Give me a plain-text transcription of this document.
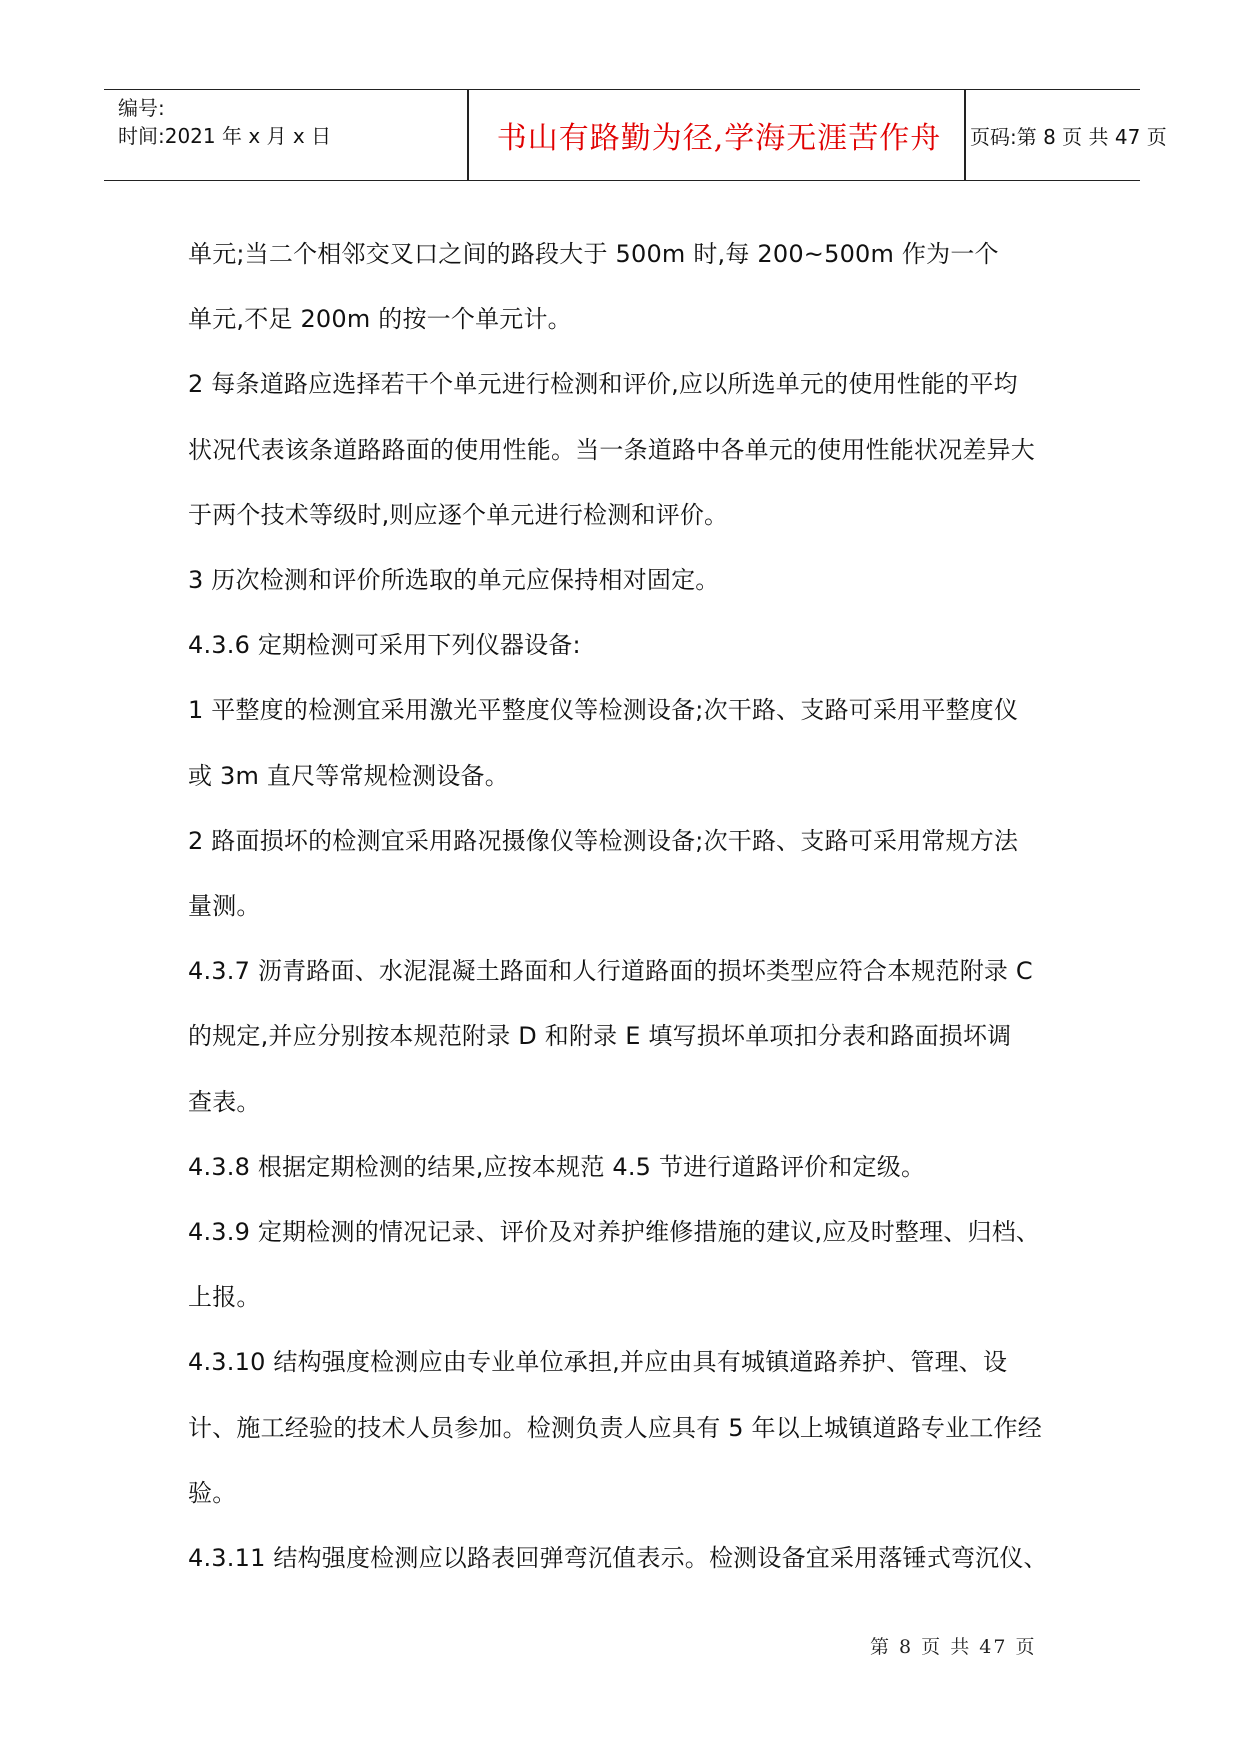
编号:
时间:2021 年 x 月 x 日	书山有路勤为径,学海无涯苦作舟	页码:第 8 页 共 47 页

单元;当二个相邻交叉口之间的路段大于 500m 时,每 200~500m 作为一个

单元,不足 200m 的按一个单元计。

2 每条道路应选择若干个单元进行检测和评价,应以所选单元的使用性能的平均

状况代表该条道路路面的使用性能。当一条道路中各单元的使用性能状况差异大

于两个技术等级时,则应逐个单元进行检测和评价。

3 历次检测和评价所选取的单元应保持相对固定。

4.3.6 定期检测可采用下列仪器设备:

1 平整度的检测宜采用激光平整度仪等检测设备;次干路、支路可采用平整度仪

或 3m 直尺等常规检测设备。

2 路面损坏的检测宜采用路况摄像仪等检测设备;次干路、支路可采用常规方法

量测。

4.3.7 沥青路面、水泥混凝土路面和人行道路面的损坏类型应符合本规范附录 C

的规定,并应分别按本规范附录 D 和附录 E 填写损坏单项扣分表和路面损坏调

查表。

4.3.8 根据定期检测的结果,应按本规范 4.5 节进行道路评价和定级。

4.3.9 定期检测的情况记录、评价及对养护维修措施的建议,应及时整理、归档、

上报。

4.3.10 结构强度检测应由专业单位承担,并应由具有城镇道路养护、管理、设

计、施工经验的技术人员参加。检测负责人应具有 5 年以上城镇道路专业工作经

验。

4.3.11 结构强度检测应以路表回弹弯沉值表示。检测设备宜采用落锤式弯沉仪、

第 8 页 共 47 页
